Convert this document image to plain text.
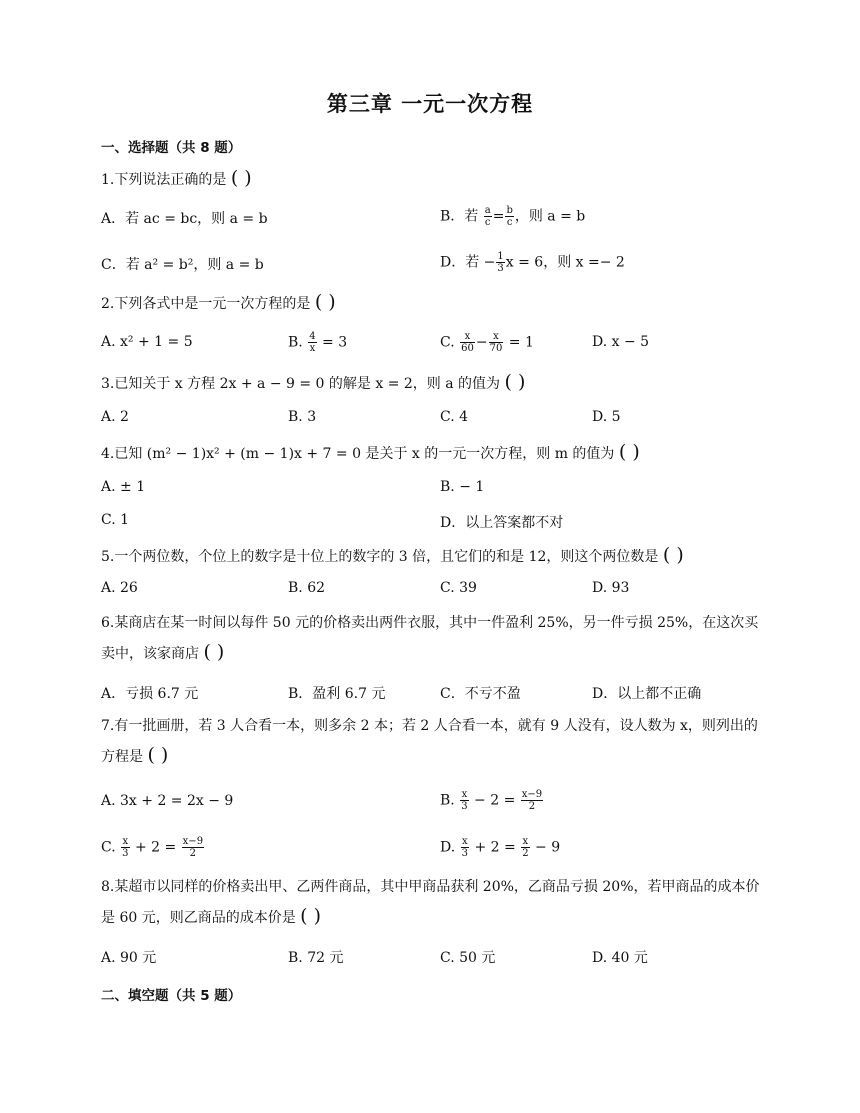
第三章 一元一次方程
一、选择题（共 8 题）
1.下列说法正确的是 ( )
A．若 ac = bc，则 a = b	B．若 $\frac{a}{c} = \frac{b}{c}$ ，则 a = b
C．若 a² = b²，则 a = b	D．若 − $\frac{1}{3}$ x = 6，则 x =− 2
2.下列各式中是一元一次方程的是 ( )
A. x² + 1 = 5	B. $\frac{4}{x} = 3$	C. $\frac{x}{60} - \frac{x}{70} = 1$	D. x − 5
3.已知关于 x 方程 2x + a − 9 = 0 的解是 x = 2，则 a 的值为 ( )
A. 2	B. 3	C. 4	D. 5
4.已知 (m² − 1)x² + (m − 1)x + 7 = 0 是关于 x 的一元一次方程，则 m 的值为 ( )
A. ± 1	B. − 1
C. 1	D．以上答案都不对
5.一个两位数，个位上的数字是十位上的数字的 3 倍，且它们的和是 12，则这个两位数是 ( )
A. 26	B. 62	C. 39	D. 93
6.某商店在某一时间以每件 50 元的价格卖出两件衣服，其中一件盈利 25%，另一件亏损 25%，在这次买卖中，该家商店 ( )
A．亏损 6.7 元	B．盈利 6.7 元	C．不亏不盈	D．以上都不正确
7.有一批画册，若 3 人合看一本，则多余 2 本；若 2 人合看一本，就有 9 人没有，设人数为 x，则列出的方程是 ( )
A. 3x + 2 = 2x − 9	B. $\frac{x}{3} - 2 = \frac{x-9}{2}$
C. $\frac{x}{3} + 2 = \frac{x-9}{2}$	D. $\frac{x}{3} + 2 = \frac{x}{2} - 9$
8.某超市以同样的价格卖出甲、乙两件商品，其中甲商品获利 20%，乙商品亏损 20%，若甲商品的成本价是 60 元，则乙商品的成本价是 ( )
A. 90 元	B. 72 元	C. 50 元	D. 40 元
二、填空题（共 5 题）
